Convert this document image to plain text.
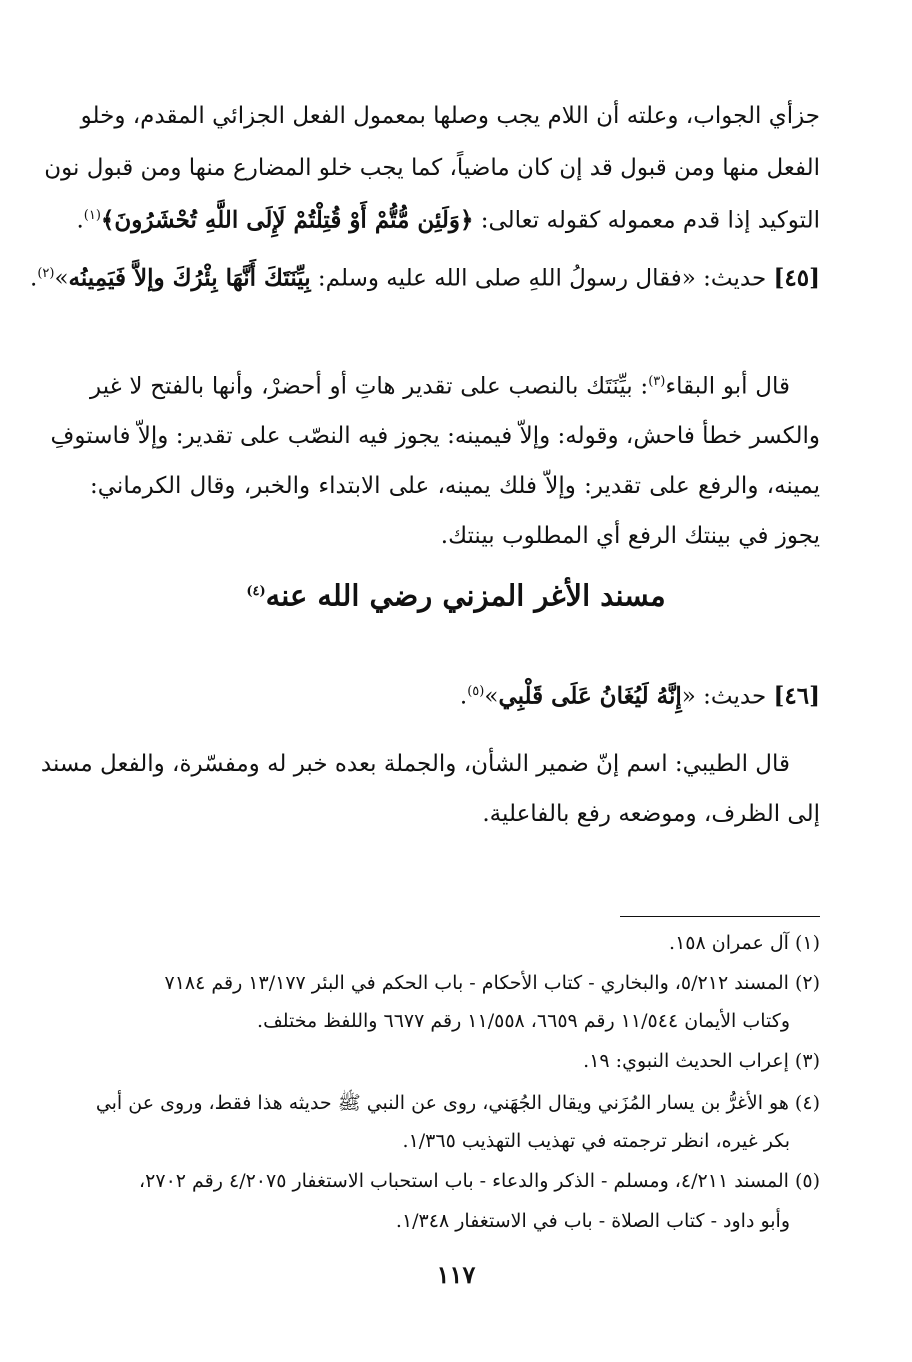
جزأي الجواب، وعلته أن اللام يجب وصلها بمعمول الفعل الجزائي المقدم، وخلو
الفعل منها ومن قبول قد إن كان ماضياً، كما يجب خلو المضارع منها ومن قبول نون
التوكيد إذا قدم معموله كقوله تعالى: ﴿وَلَئِن مُّتُّمْ أَوْ قُتِلْتُمْ لَإِلَى اللَّهِ تُحْشَرُونَ﴾$^{(١)}$.
[٤٥] حديث: «فقال رسولُ اللهِ صلى الله عليه وسلم: بِيِّنَتَكَ أَنَّهَا بِئْرُكَ وإلاَّ فَيَمِينُه»$^{(٢)}$.
قال أبو البقاء$^{(٣)}$: بيِّنَتَك بالنصب على تقدير هاتِ أو أحضرْ، وأنها بالفتح لا غير
والكسر خطأ فاحش، وقوله: وإلاّ فيمينه: يجوز فيه النصّب على تقدير: وإلاّ فاستوفِ
يمينه، والرفع على تقدير: وإلاّ فلك يمينه، على الابتداء والخبر، وقال الكرماني:
يجوز في بينتك الرفع أي المطلوب بينتك.
مسند الأغر المزني رضي الله عنه$^{(٤)}$
[٤٦] حديث: «إِنَّهُ لَيُغَانُ عَلَى قَلْبِي»$^{(٥)}$.
قال الطيبي: اسم إنّ ضمير الشأن، والجملة بعده خبر له ومفسّرة، والفعل مسند
إلى الظرف، وموضعه رفع بالفاعلية.
(١) آل عمران ١٥٨.
(٢) المسند ٥/٢١٢، والبخاري - كتاب الأحكام - باب الحكم في البئر ١٣/١٧٧ رقم ٧١٨٤
وكتاب الأيمان ١١/٥٤٤ رقم ٦٦٥٩، ١١/٥٥٨ رقم ٦٦٧٧ واللفظ مختلف.
(٣) إعراب الحديث النبوي: ١٩.
(٤) هو الأغرُّ بن يسار المُزَني ويقال الجُهَني، روى عن النبي ﷺ حديثه هذا فقط، وروى عن أبي
بكر غيره، انظر ترجمته في تهذيب التهذيب ١/٣٦٥.
(٥) المسند ٤/٢١١، ومسلم - الذكر والدعاء - باب استحباب الاستغفار ٤/٢٠٧٥ رقم ٢٧٠٢،
وأبو داود - كتاب الصلاة - باب في الاستغفار ١/٣٤٨.
١١٧
